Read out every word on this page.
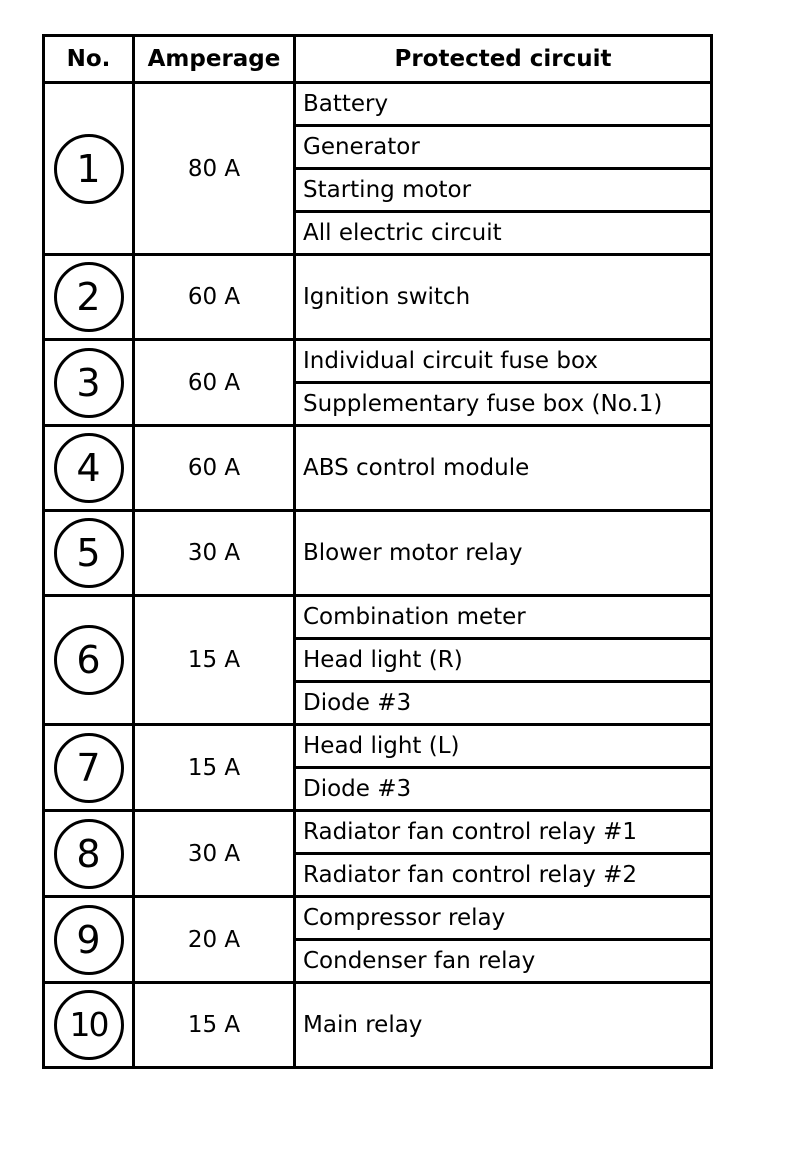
No.	Amperage	Protected circuit
1	80 A	Battery
		Generator
		Starting motor
		All electric circuit
2	60 A	Ignition switch
3	60 A	Individual circuit fuse box
		Supplementary fuse box (No.1)
4	60 A	ABS control module
5	30 A	Blower motor relay
6	15 A	Combination meter
		Head light (R)
		Diode #3
7	15 A	Head light (L)
		Diode #3
8	30 A	Radiator fan control relay #1
		Radiator fan control relay #2
9	20 A	Compressor relay
		Condenser fan relay
10	15 A	Main relay
